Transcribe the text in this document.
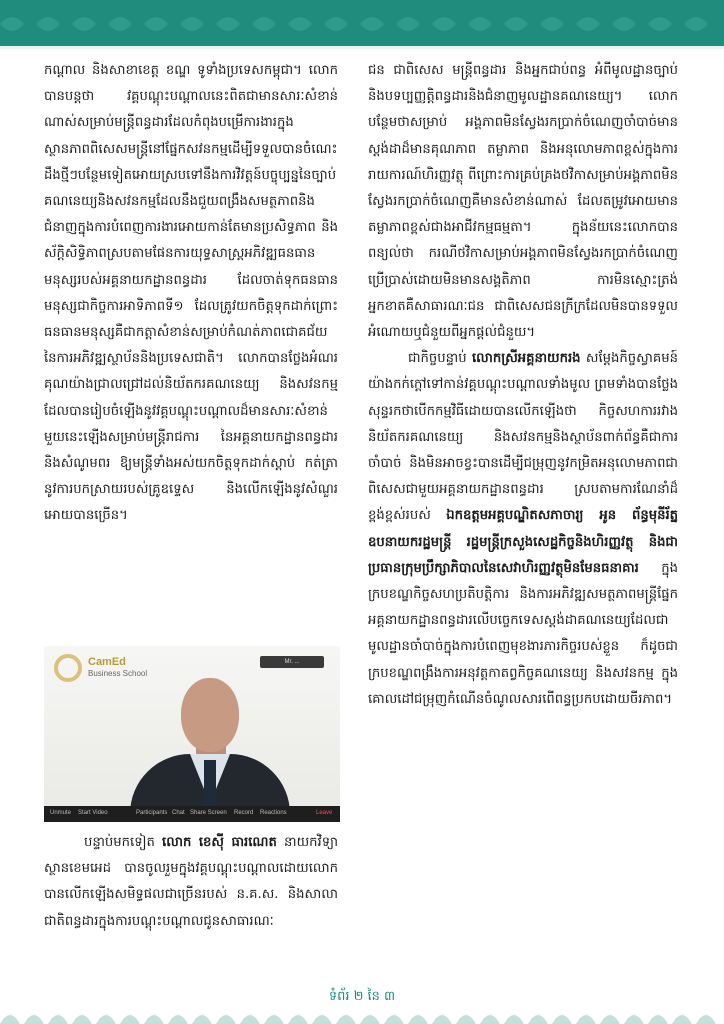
កណ្ដាល និងសាខាខេត្ត ខណ្ឌ ទូទាំងប្រទេសកម្ពុជា។ លោកបានបន្តថា វគ្គបណ្ដុះបណ្ដាលនេះពិតជាមានសារៈសំខាន់ណាស់សម្រាប់មន្ត្រីពន្ធដារដែលកំពុងបម្រើការងារក្នុងស្ថានភាពពិសេសមន្ត្រីនៅផ្នែកសវនកម្មដើម្បីទទួលបានចំណេះដឹងថ្មីៗបន្ថែមទៀតអោយស្របទៅនឹងការវិវត្តន៍បច្ចុប្បន្ននៃច្បាប់គណនេយ្យនិងសវនកម្មដែលនឹងជួយពង្រឹងសមត្ថភាពនិងជំនាញក្នុងការបំពេញការងារអោយកាន់តែមានប្រសិទ្ធភាព និងស័ក្តិសិទ្ធិភាពស្របតាមផែនការយុទ្ធសាស្ត្រអភិវឌ្ឍធនធានមនុស្សរបស់អគ្គនាយកដ្ឋានពន្ធដារ ដែលចាត់ទុកធនធានមនុស្សជាកិច្ចការអាទិភាពទី១ ដែលត្រូវយកចិត្តទុកដាក់ព្រោះធនធានមនុស្សគឺជាកត្តាសំខាន់សម្រាប់កំណត់ភាពជោគជ័យនៃការអភិវឌ្ឍស្ថាប័ននិងប្រទេសជាតិ។ លោកបានថ្លែងអំណរគុណយ៉ាងជ្រាលជ្រៅដល់និយ័តករគណនេយ្យ និងសវនកម្មដែលបានរៀបចំឡើងនូវវគ្គបណ្ដុះបណ្ដាលដ៏មានសារៈសំខាន់មួយនេះឡើងសម្រាប់មន្ត្រីរាជការ នៃអគ្គនាយកដ្ឋានពន្ធដារ និងសំណូមពរ ឱ្យមន្ត្រីទាំងអស់យកចិត្តទុកដាក់ស្ដាប់ កត់ត្រានូវការបកស្រាយរបស់គ្រូឧទ្ទេស និងលើកឡើងនូវសំណួរអោយបានច្រើន។

CamEd
Business School
Mr. ...
Unmute Start Video	Participants Chat Share Screen Record Reactions	Leave

បន្ទាប់មកទៀត លោក ខេស៊ី ធារណេត នាយកវិទ្យាស្ថានខេមអេដ បានចូលរួមក្នុងវគ្គបណ្ដុះបណ្ដាលដោយលោកបានលើកឡើងសមិទ្ធផលជាច្រើនរបស់ ន.គ.ស. និងសាលាជាតិពន្ធដារក្នុងការបណ្ដុះបណ្ដាលជូនសាធារណៈ

ជន ជាពិសេស មន្ត្រីពន្ធដារ និងអ្នកជាប់ពន្ធ អំពីមូលដ្ឋានច្បាប់និងបទប្បញ្ញត្តិពន្ធដារនិងជំនាញមូលដ្ឋានគណនេយ្យ។ លោកបន្ថែមថាសម្រាប់ អង្គភាពមិនស្វែងរកប្រាក់ចំណេញចាំបាច់មានស្តង់ដាដ៏មានគុណភាព តម្លាភាព និងអនុលោមភាពខ្ពស់ក្នុងការរាយការណ៍ហិរញ្ញវត្ថុ ពីព្រោះការគ្រប់គ្រងថវិកាសម្រាប់អង្គភាពមិនស្វែងរកប្រាក់ចំណេញគឺមានសំខាន់ណាស់ ដែលតម្រូវអោយមានតម្លាភាពខ្ពស់ជាងអាជីវកម្មធម្មតា។ ក្នុងន័យនេះលោកបានពន្យល់ថា ករណីថវិកាសម្រាប់អង្គភាពមិនស្វែងរកប្រាក់ចំណេញប្រើប្រាស់ដោយមិនមានសង្គតិភាព ការមិនស្មោះត្រង់ អ្នកខាតគឺសាធារណៈជន ជាពិសេសជនក្រីក្រដែលមិនបានទទួលអំណោយឬជំនួយពីអ្នកផ្តល់ជំនួយ។

ជាកិច្ចបន្ទាប់ លោកស្រីអគ្គនាយករង សម្តែងកិច្ចស្វាគមន៍យ៉ាងកក់ក្ដៅទៅកាន់វគ្គបណ្ដុះបណ្ដាលទាំងមូល ព្រមទាំងបានថ្លែងសុន្ទរកថាបើកកម្មវិធីដោយបានលើកឡើងថា កិច្ចសហការរវាងនិយ័តករគណនេយ្យ និងសវនកម្មនិងស្ថាប័នពាក់ព័ន្ធគឺជាការចាំបាច់ និងមិនអាចខ្វះបានដើម្បីជម្រុញនូវកម្រិតអនុលោមភាពជាពិសេសជាមួយអគ្គនាយកដ្ឋានពន្ធដារ ស្របតាមការណែនាំដ៏ខ្ពង់ខ្ពស់របស់ ឯកឧត្តមអគ្គបណ្ឌិតសភាចារ្យ អូន ព័ន្ធមុនីរ័ត្ន ឧបនាយករដ្ឋមន្ត្រី រដ្ឋមន្ត្រីក្រសួងសេដ្ឋកិច្ចនិងហិរញ្ញវត្ថុ និងជាប្រធានក្រុមប្រឹក្សាភិបាលនៃសេវាហិរញ្ញវត្ថុមិនមែនធនាគារ ក្នុងក្របខណ្ឌកិច្ចសហប្រតិបត្តិការ និងការអភិវឌ្ឍសមត្ថភាពមន្ត្រីផ្នែកអគ្គនាយកដ្ឋានពន្ធដារលើបច្ចេកទេសស្តង់ដាគណនេយ្យដែលជាមូលដ្ឋានចាំបាច់ក្នុងការបំពេញមុខងារភារកិច្ចរបស់ខ្លួន ក៏ដូចជាក្របខណ្ឌពង្រឹងការអនុវត្តកាតព្វកិច្ចគណនេយ្យ និងសវនកម្ម ក្នុងគោលដៅជម្រុញកំណើនចំណូលសារពើពន្ធប្រកបដោយចីរភាព។

ទំព័រ ២ នៃ ៣
